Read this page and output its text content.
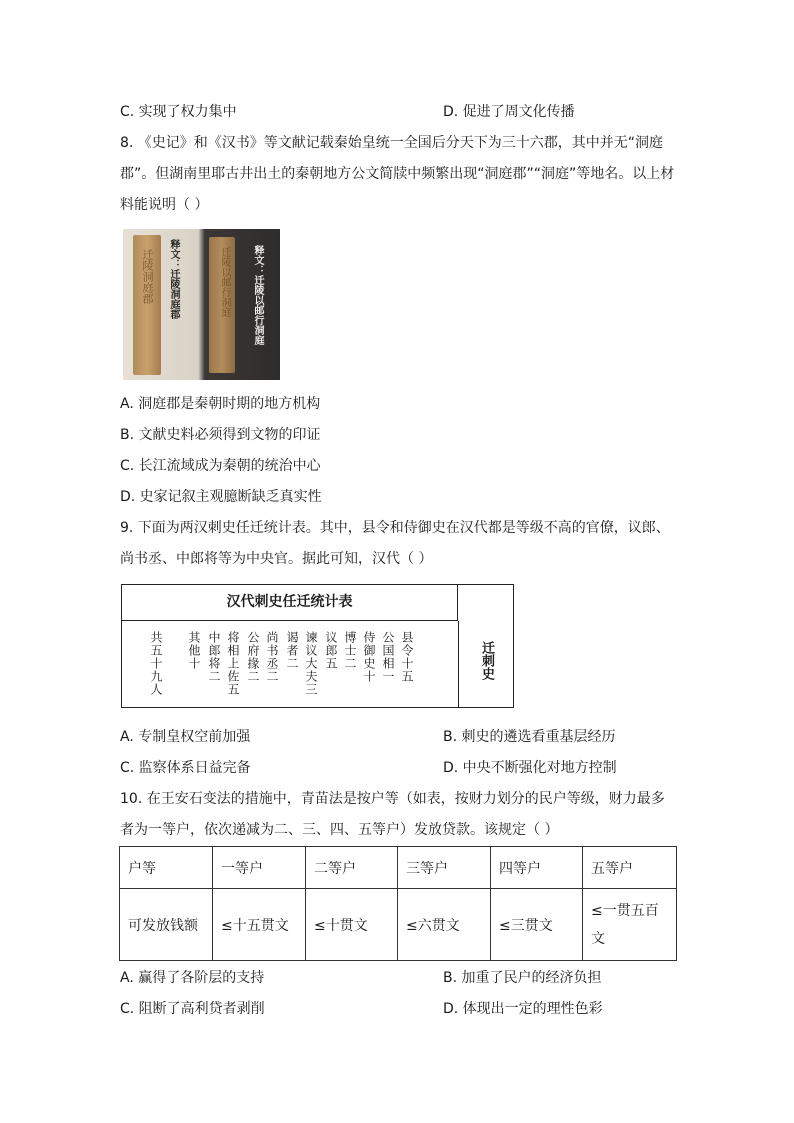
C. 实现了权力集中	D. 促进了周文化传播
8. 《史记》和《汉书》等文献记载秦始皇统一全国后分天下为三十六郡，其中并无“洞庭
郡”。但湖南里耶古井出土的秦朝地方公文简牍中频繁出现“洞庭郡”“洞庭”等地名。以上材
料能说明（ ）
迁陵洞庭郡 释文：迁陵洞庭郡	迁陵以邮行洞庭 释文：迁陵以邮行洞庭
A. 洞庭郡是秦朝时期的地方机构
B. 文献史料必须得到文物的印证
C. 长江流域成为秦朝的统治中心
D. 史家记叙主观臆断缺乏真实性
9. 下面为两汉刺史任迁统计表。其中，县令和侍御史在汉代都是等级不高的官僚，议郎、
尚书丞、中郎将等为中央官。据此可知，汉代（ ）
汉代刺史任迁统计表
共五十九人 其他十 中郎将二 将相上佐五 公府掾二 尚书丞二 谒者二 谏议大夫三 议郎五 博士二 侍御史十 公国相一 县令十五	迁刺史
A. 专制皇权空前加强	B. 刺史的遴选看重基层经历
C. 监察体系日益完备	D. 中央不断强化对地方控制
10. 在王安石变法的措施中，青苗法是按户等（如表，按财力划分的民户等级，财力最多
者为一等户，依次递减为二、三、四、五等户）发放贷款。该规定（ ）
户等	一等户	二等户	三等户	四等户	五等户
可发放钱额	≤十五贯文	≤十贯文	≤六贯文	≤三贯文	≤一贯五百文
A. 赢得了各阶层的支持	B. 加重了民户的经济负担
C. 阻断了高利贷者剥削	D. 体现出一定的理性色彩
